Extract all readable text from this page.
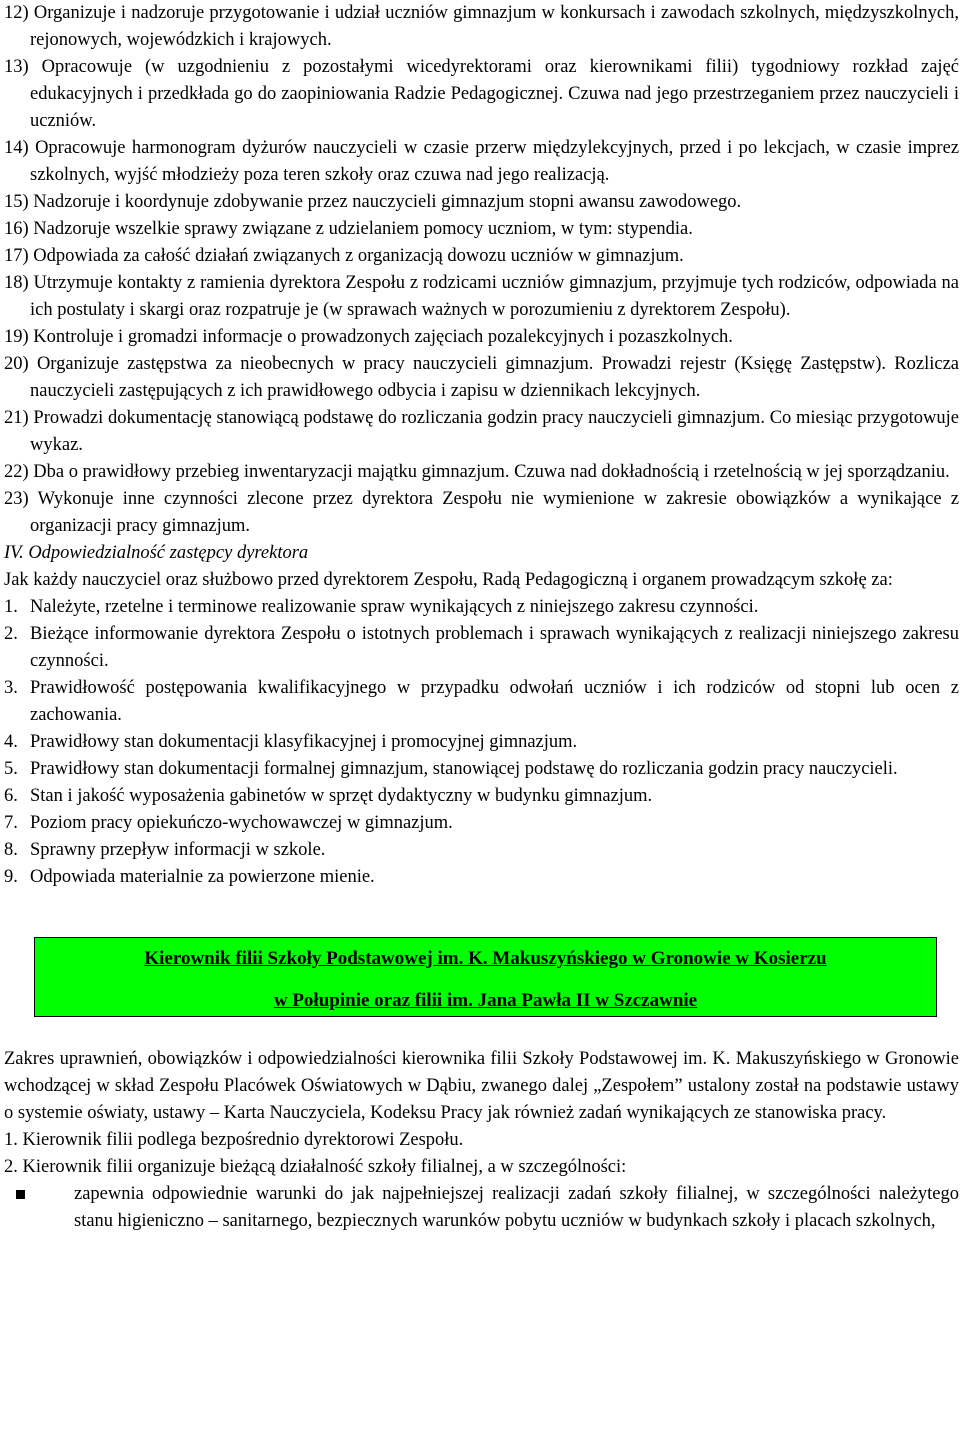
12) Organizuje i nadzoruje przygotowanie i udział uczniów gimnazjum w konkursach i zawodach szkolnych, międzyszkolnych, rejonowych, wojewódzkich i krajowych.

13) Opracowuje (w uzgodnieniu z pozostałymi wicedyrektorami oraz kierownikami filii) tygodniowy rozkład zajęć edukacyjnych i przedkłada go do zaopiniowania Radzie Pedagogicznej. Czuwa nad jego przestrzeganiem przez nauczycieli i uczniów.

14) Opracowuje harmonogram dyżurów nauczycieli w czasie przerw międzylekcyjnych, przed i po lekcjach, w czasie imprez szkolnych, wyjść młodzieży poza teren szkoły oraz czuwa nad jego realizacją.

15) Nadzoruje i koordynuje zdobywanie przez nauczycieli gimnazjum stopni awansu zawodowego.

16) Nadzoruje wszelkie sprawy związane z udzielaniem pomocy uczniom, w tym: stypendia.

17) Odpowiada za całość działań związanych z organizacją dowozu uczniów w gimnazjum.

18) Utrzymuje kontakty z ramienia dyrektora Zespołu z rodzicami uczniów gimnazjum, przyjmuje tych rodziców, odpowiada na ich postulaty i skargi oraz rozpatruje je (w sprawach ważnych w porozumieniu z dyrektorem Zespołu).

19) Kontroluje i gromadzi informacje o prowadzonych zajęciach pozalekcyjnych i pozaszkolnych.

20) Organizuje zastępstwa za nieobecnych w pracy nauczycieli gimnazjum. Prowadzi rejestr (Księgę Zastępstw). Rozlicza nauczycieli zastępujących z ich prawidłowego odbycia i zapisu w dziennikach lekcyjnych.

21) Prowadzi dokumentację stanowiącą podstawę do rozliczania godzin pracy nauczycieli gimnazjum. Co miesiąc przygotowuje wykaz.

22) Dba o prawidłowy przebieg inwentaryzacji majątku gimnazjum. Czuwa nad dokładnością i rzetelnością w jej sporządzaniu.

23) Wykonuje inne czynności zlecone przez dyrektora Zespołu nie wymienione w zakresie obowiązków a wynikające z organizacji pracy gimnazjum.

IV. Odpowiedzialność zastępcy dyrektora

Jak każdy nauczyciel oraz służbowo przed dyrektorem Zespołu, Radą Pedagogiczną i organem prowadzącym szkołę za:

1. Należyte, rzetelne i terminowe realizowanie spraw wynikających z niniejszego zakresu czynności.
2. Bieżące informowanie dyrektora Zespołu o istotnych problemach i sprawach wynikających z realizacji niniejszego zakresu czynności.
3. Prawidłowość postępowania kwalifikacyjnego w przypadku odwołań uczniów i ich rodziców od stopni lub ocen z zachowania.
4. Prawidłowy stan dokumentacji klasyfikacyjnej i promocyjnej gimnazjum.
5. Prawidłowy stan dokumentacji formalnej gimnazjum, stanowiącej podstawę do rozliczania godzin pracy nauczycieli.
6. Stan i jakość wyposażenia gabinetów w sprzęt dydaktyczny w budynku gimnazjum.
7. Poziom pracy opiekuńczo-wychowawczej w gimnazjum.
8. Sprawny przepływ informacji w szkole.
9. Odpowiada materialnie za powierzone mienie.
Kierownik filii Szkoły Podstawowej im. K. Makuszyńskiego w Gronowie w Kosierzu
w Połupinie oraz filii im. Jana Pawła II w Szczawnie

Zakres uprawnień, obowiązków i odpowiedzialności kierownika filii Szkoły Podstawowej im. K. Makuszyńskiego w Gronowie wchodzącej w skład Zespołu Placówek Oświatowych w Dąbiu, zwanego dalej „Zespołem” ustalony został na podstawie ustawy o systemie oświaty, ustawy – Karta Nauczyciela, Kodeksu Pracy jak również zadań wynikających ze stanowiska pracy.

1. Kierownik filii podlega bezpośrednio dyrektorowi Zespołu.

2. Kierownik filii organizuje bieżącą działalność szkoły filialnej, a w szczególności:

zapewnia odpowiednie warunki do jak najpełniejszej realizacji zadań szkoły filialnej, w szczególności należytego stanu higieniczno – sanitarnego, bezpiecznych warunków pobytu uczniów w budynkach szkoły i placach szkolnych,
